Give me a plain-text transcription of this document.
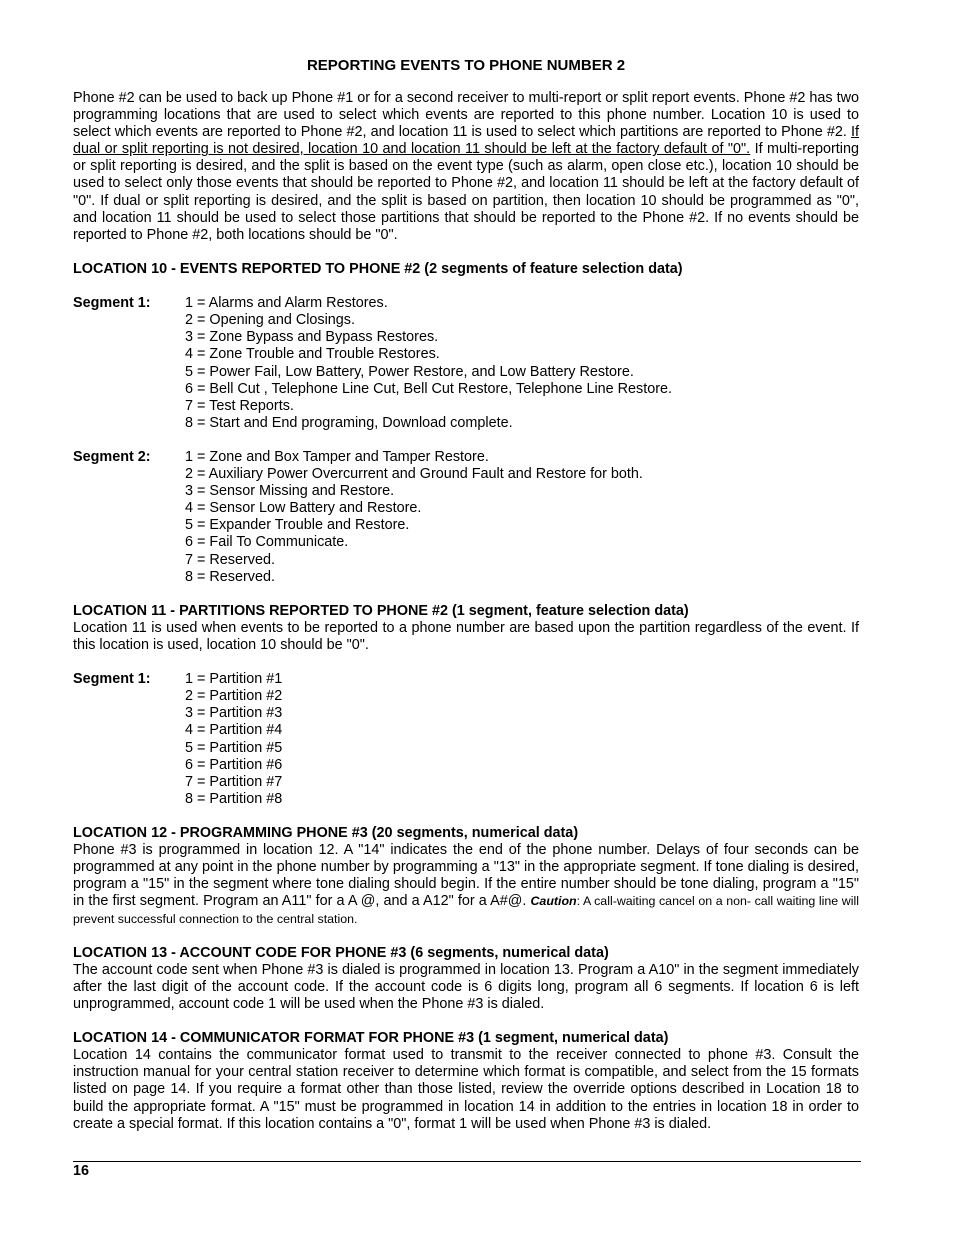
REPORTING EVENTS TO PHONE NUMBER 2

Phone #2 can be used to back up Phone #1 or for a second receiver to multi-report or split report events. Phone #2 has two programming locations that are used to select which events are reported to this phone number. Location 10 is used to select which events are reported to Phone #2, and location 11 is used to select which partitions are reported to Phone #2. If dual or split reporting is not desired, location 10 and location 11 should be left at the factory default of "0". If multi-reporting or split reporting is desired, and the split is based on the event type (such as alarm, open close etc.), location 10 should be used to select only those events that should be reported to Phone #2, and location 11 should be left at the factory default of "0". If dual or split reporting is desired, and the split is based on partition, then location 10 should be programmed as "0", and location 11 should be used to select those partitions that should be reported to the Phone #2. If no events should be reported to Phone #2, both locations should be "0".

LOCATION 10 - EVENTS REPORTED TO PHONE #2 (2 segments of feature selection data)
Segment 1:	1 = Alarms and Alarm Restores.
2 = Opening and Closings.
3 = Zone Bypass and Bypass Restores.
4 = Zone Trouble and Trouble Restores.
5 = Power Fail, Low Battery, Power Restore, and Low Battery Restore.
6 = Bell Cut , Telephone Line Cut, Bell Cut Restore, Telephone Line Restore.
7 = Test Reports.
8 = Start and End programing, Download complete.
Segment 2:	1 = Zone and Box Tamper and Tamper Restore.
2 = Auxiliary Power Overcurrent and Ground Fault and Restore for both.
3 = Sensor Missing and Restore.
4 = Sensor Low Battery and Restore.
5 = Expander Trouble and Restore.
6 = Fail To Communicate.
7 = Reserved.
8 = Reserved.
LOCATION 11 - PARTITIONS REPORTED TO PHONE #2 (1 segment, feature selection data)

Location 11 is used when events to be reported to a phone number are based upon the partition regardless of the event. If this location is used, location 10 should be "0".

Segment 1:	1 = Partition #1
2 = Partition #2
3 = Partition #3
4 = Partition #4
5 = Partition #5
6 = Partition #6
7 = Partition #7
8 = Partition #8
LOCATION 12 - PROGRAMMING PHONE #3 (20 segments, numerical data)

Phone #3 is programmed in location 12. A "14" indicates the end of the phone number. Delays of four seconds can be programmed at any point in the phone number by programming a "13" in the appropriate segment. If tone dialing is desired, program a "15" in the segment where tone dialing should begin. If the entire number should be tone dialing, program a "15" in the first segment. Program an A11" for a A @, and a A12" for a A#@. Caution: A call-waiting cancel on a non- call waiting line will prevent successful connection to the central station.

LOCATION 13 - ACCOUNT CODE FOR PHONE #3 (6 segments, numerical data)

The account code sent when Phone #3 is dialed is programmed in location 13. Program a A10" in the segment immediately after the last digit of the account code. If the account code is 6 digits long, program all 6 segments. If location 6 is left unprogrammed, account code 1 will be used when the Phone #3 is dialed.

LOCATION 14 - COMMUNICATOR FORMAT FOR PHONE #3 (1 segment, numerical data)

Location 14 contains the communicator format used to transmit to the receiver connected to phone #3. Consult the instruction manual for your central station receiver to determine which format is compatible, and select from the 15 formats listed on page 14. If you require a format other than those listed, review the override options described in Location 18 to build the appropriate format. A "15" must be programmed in location 14 in addition to the entries in location 18 in order to create a special format. If this location contains a "0", format 1 will be used when Phone #3 is dialed.

16
